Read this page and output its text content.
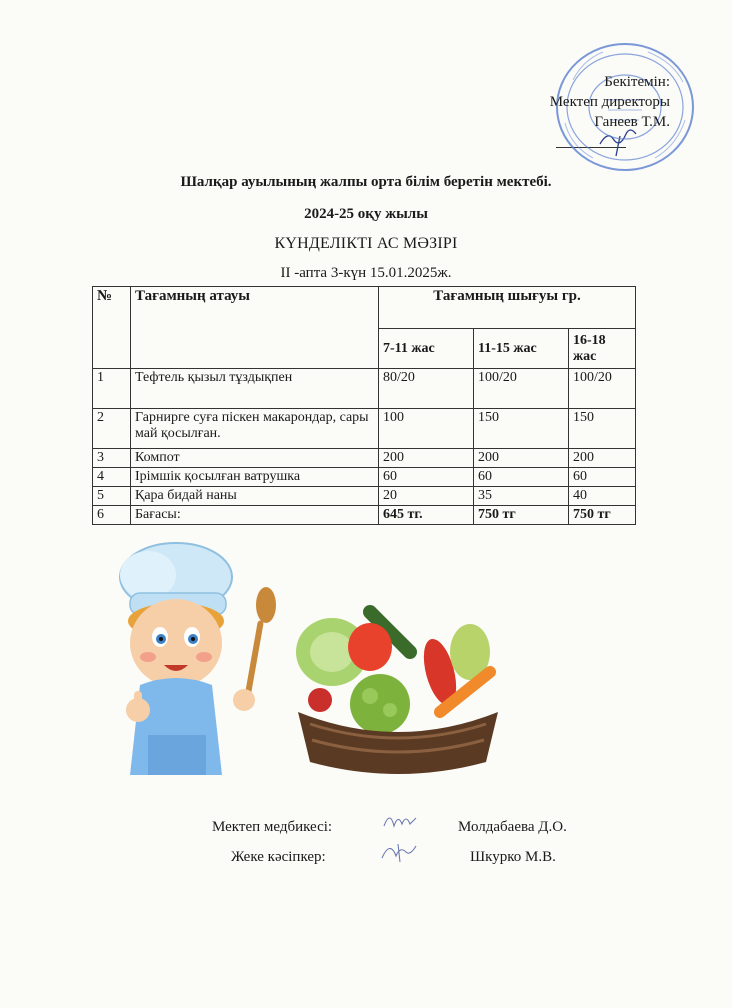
Бекітемін:
Мектеп директоры
Ганеев Т.М.
Шалқар ауылының жалпы орта білім беретін мектебі.
2024-25 оқу жылы
КҮНДЕЛІКТІ АС МӘЗІРІ
II -апта 3-күн 15.01.2025ж.
№	Тағамның атауы	Тағамның шығуы гр.		
		7-11 жас	11-15 жас	16-18 жас
1	Тефтель қызыл тұздықпен	80/20	100/20	100/20
2	Гарнирге суға піскен макарондар, сары май қосылған.	100	150	150
3	Компот	200	200	200
4	Ірімшік қосылған ватрушка	60	60	60
5	Қара бидай наны	20	35	40
6	Бағасы:	645 тг.	750 тг	750 тг
Мектеп медбикесі:	Молдабаева Д.О.
Жеке кәсіпкер:	Шкурко М.В.
